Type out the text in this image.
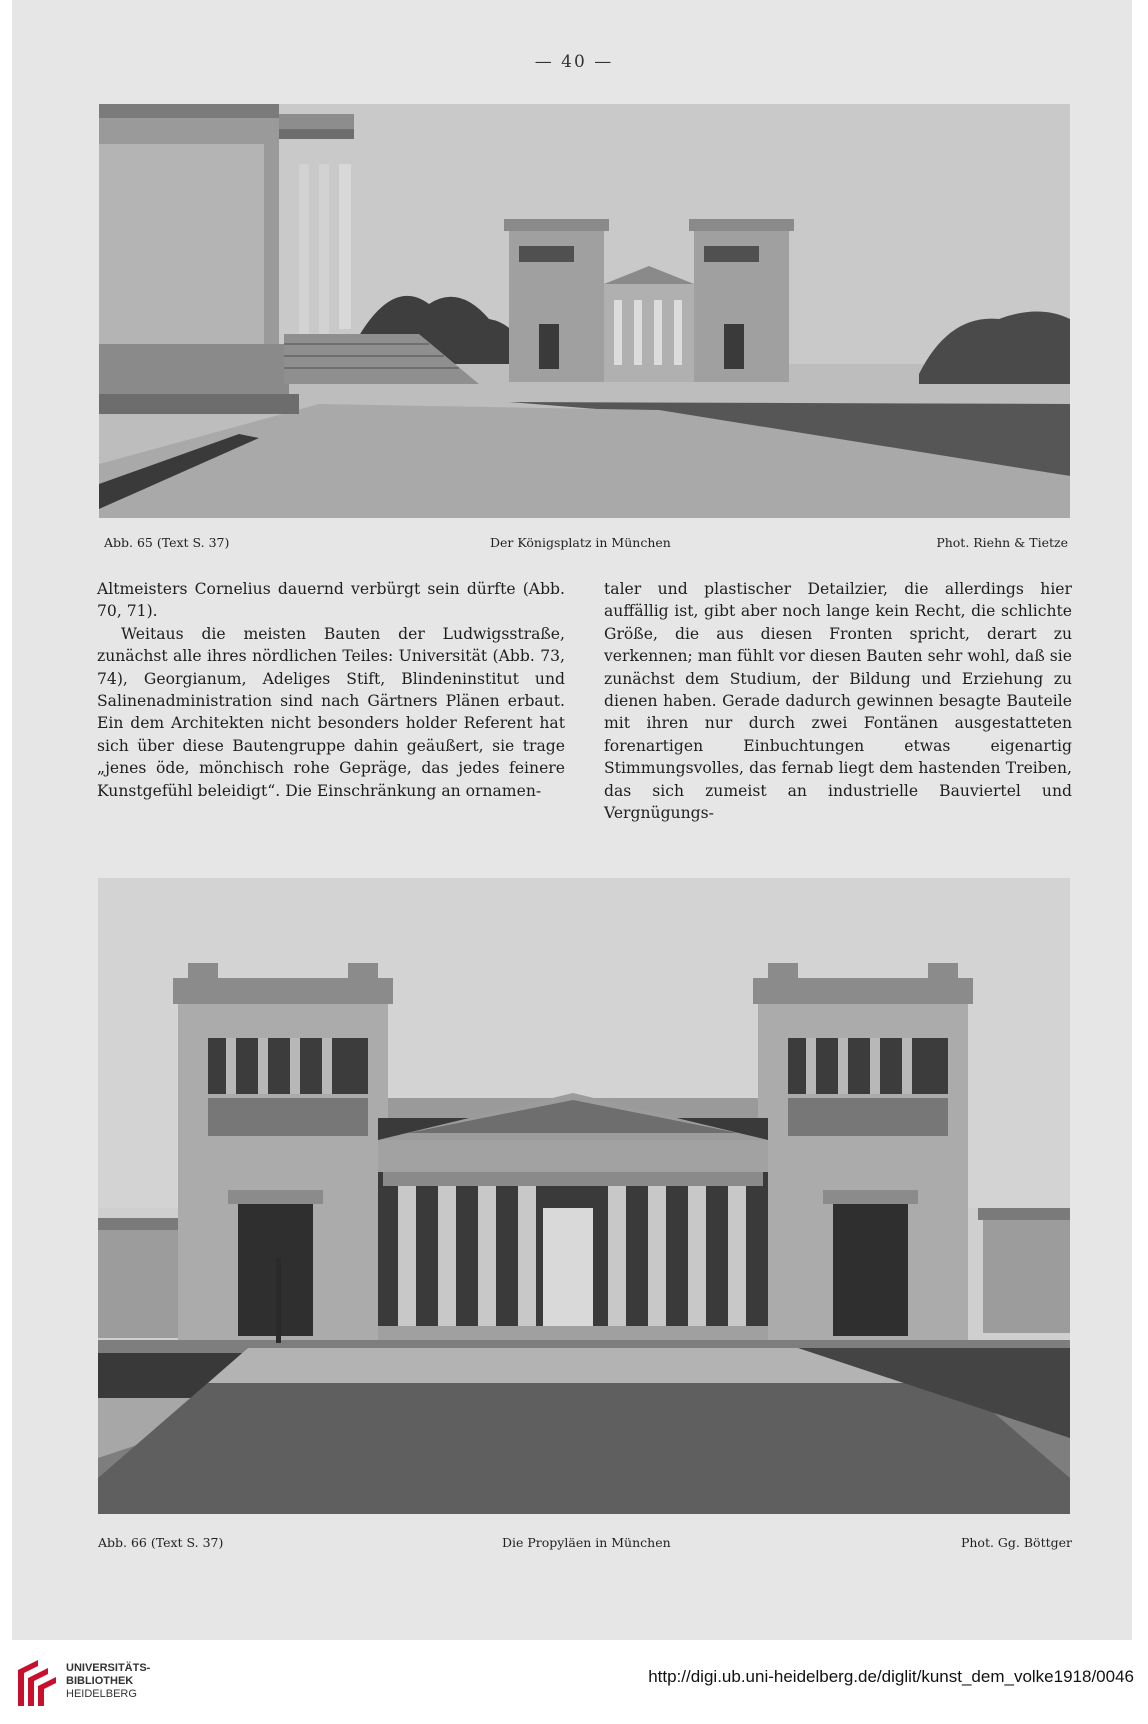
— 40 —
Abb. 65 (Text S. 37)	Der Königsplatz in München	Phot. Riehn & Tietze

Altmeisters Cornelius dauernd verbürgt sein dürfte (Abb. 70, 71).

Weitaus die meisten Bauten der Ludwigsstraße, zunächst alle ihres nördlichen Teiles: Universität (Abb. 73, 74), Georgianum, Adeliges Stift, Blindeninstitut und Salinenadministration sind nach Gärtners Plänen erbaut. Ein dem Architekten nicht besonders holder Referent hat sich über diese Bautengruppe dahin geäußert, sie trage „jenes öde, mönchisch rohe Gepräge, das jedes feinere Kunstgefühl beleidigt“. Die Einschränkung an ornamen-

taler und plastischer Detailzier, die allerdings hier auffällig ist, gibt aber noch lange kein Recht, die schlichte Größe, die aus diesen Fronten spricht, derart zu verkennen; man fühlt vor diesen Bauten sehr wohl, daß sie zunächst dem Studium, der Bildung und Erziehung zu dienen haben. Gerade dadurch gewinnen besagte Bauteile mit ihren nur durch zwei Fontänen ausgestatteten forenartigen Einbuchtungen etwas eigenartig Stimmungsvolles, das fernab liegt dem hastenden Treiben, das sich zumeist an industrielle Bauviertel und Vergnügungs-

Abb. 66 (Text S. 37)	Die Propyläen in München	Phot. Gg. Böttger
UNIVERSITÄTS-
BIBLIOTHEK
HEIDELBERG
http://digi.ub.uni-heidelberg.de/diglit/kunst_dem_volke1918/0046
